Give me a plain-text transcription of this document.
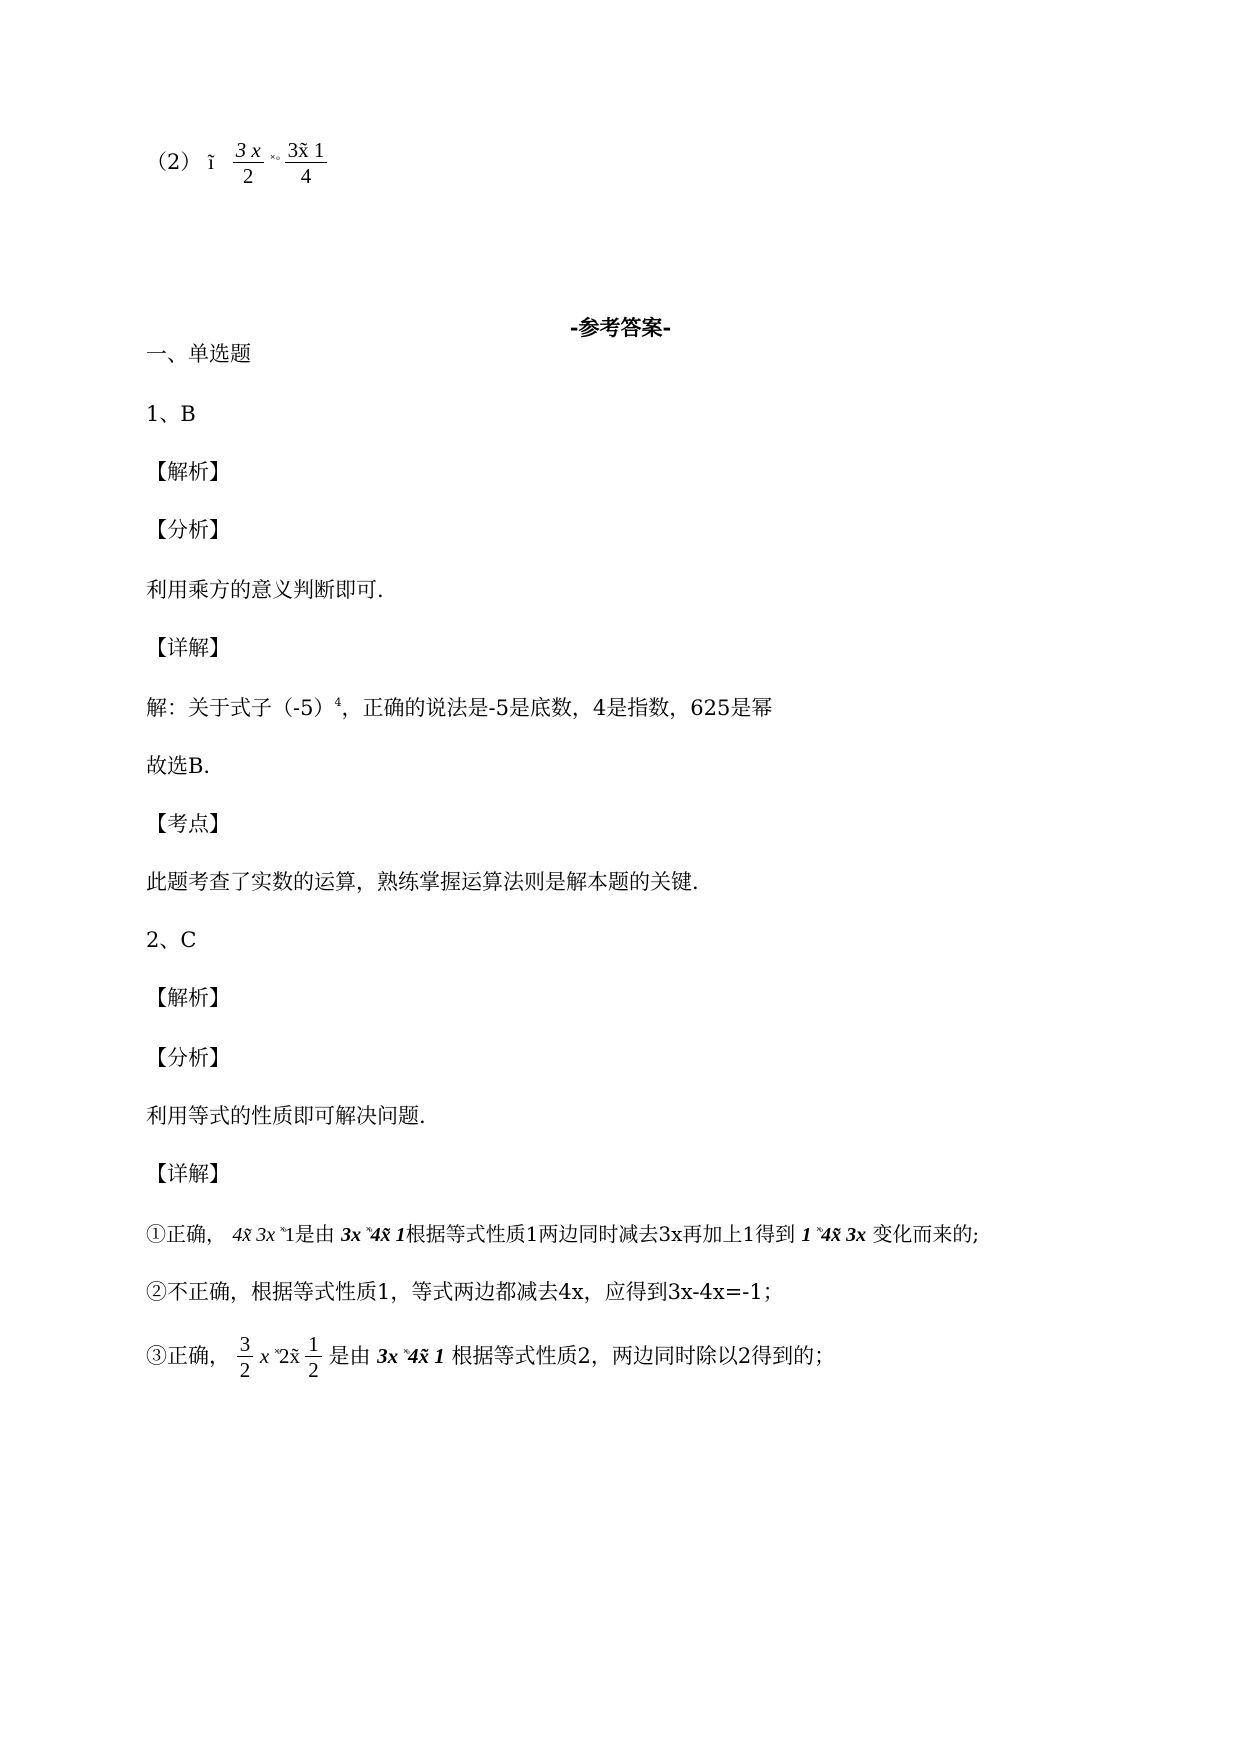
（2） ĩ $\frac{3 x}{2} ^{˟ ͦ} \frac{3x̃ 1}{4}$
-参考答案-
一、单选题
1、B
【解析】
【分析】
利用乘方的意义判断即可.
【详解】
解：关于式子$(-5)^4$，正确的说法是-5是底数，4是指数，625是幂
故选B.
【考点】
此题考查了实数的运算，熟练掌握运算法则是解本题的关键.
2、C
【解析】
【分析】
利用等式的性质即可解决问题.
【详解】
①正确， 4x̃ 3x ˟ͦ1是由 3x ˟ͦ4x̃ 1根据等式性质1两边同时减去3x再加上1得到 1 ˟ͦ4x̃ 3x 变化而来的;
②不正确，根据等式性质1，等式两边都减去4x，应得到3x-4x=-1；
③正确， $\frac{3}{2}$ x ˟ͦ2x̃ $\frac{1}{2}$ 是由 3x ˟ͦ4x̃ 1 根据等式性质2，两边同时除以2得到的；
